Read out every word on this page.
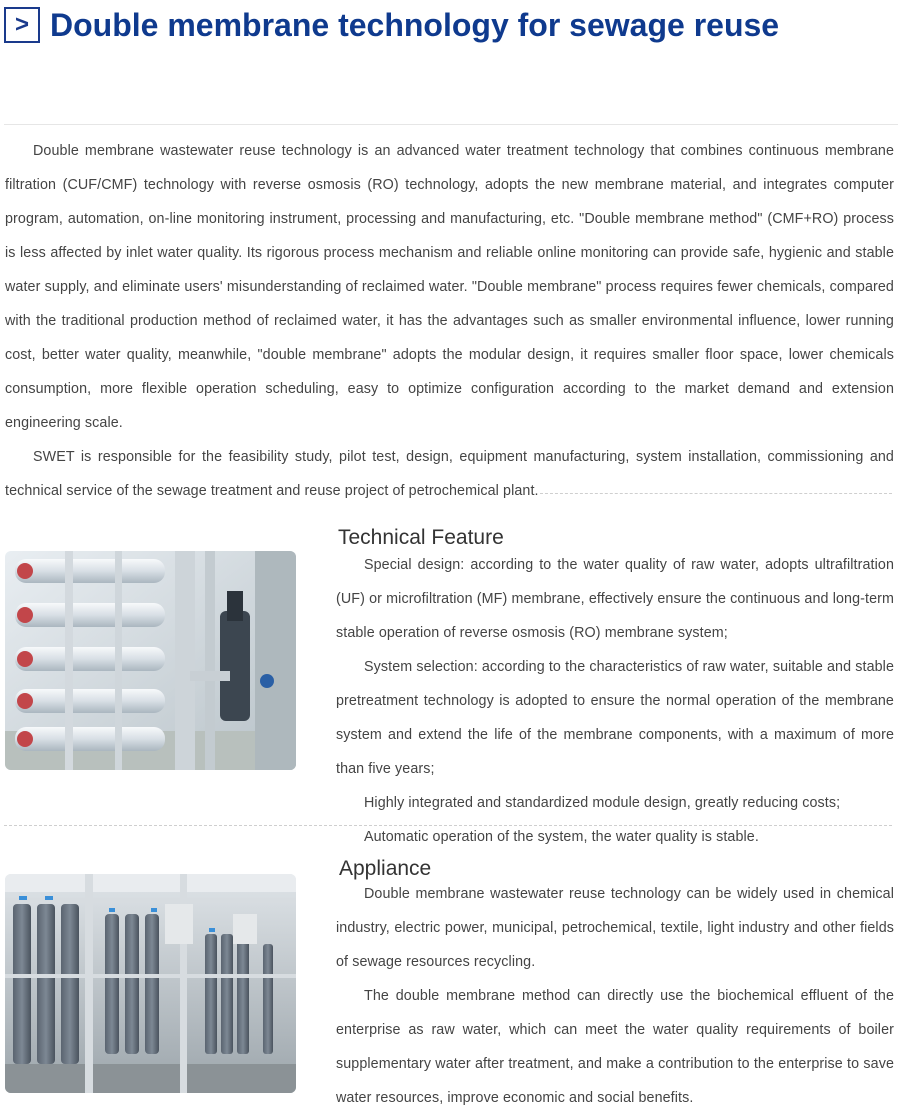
> Double membrane technology for sewage reuse

Double membrane wastewater reuse technology is an advanced water treatment technology that combines continuous membrane filtration (CUF/CMF) technology with reverse osmosis (RO) technology, adopts the new membrane material, and integrates computer program, automation, on-line monitoring instrument, processing and manufacturing, etc. "Double membrane method" (CMF+RO) process is less affected by inlet water quality. Its rigorous process mechanism and reliable online monitoring can provide safe, hygienic and stable water supply, and eliminate users' misunderstanding of reclaimed water. "Double membrane" process requires fewer chemicals, compared with the traditional production method of reclaimed water, it has the advantages such as smaller environmental influence, lower running cost, better water quality, meanwhile, "double membrane" adopts the modular design, it requires smaller floor space, lower chemicals consumption, more flexible operation scheduling, easy to optimize configuration according to the market demand and extension engineering scale.

SWET is responsible for the feasibility study, pilot test, design, equipment manufacturing, system installation, commissioning and technical service of the sewage treatment and reuse project of petrochemical plant.

Technical Feature

Special design: according to the water quality of raw water, adopts ultrafiltration (UF) or microfiltration (MF) membrane, effectively ensure the continuous and long-term stable operation of reverse osmosis (RO) membrane system;

System selection: according to the characteristics of raw water, suitable and stable pretreatment technology is adopted to ensure the normal operation of the membrane system and extend the life of the membrane components, with a maximum of more than five years;

Highly integrated and standardized module design, greatly reducing costs;

Automatic operation of the system, the water quality is stable.

Appliance

Double membrane wastewater reuse technology can be widely used in chemical industry, electric power, municipal, petrochemical, textile, light industry and other fields of sewage resources recycling.

The double membrane method can directly use the biochemical effluent of the enterprise as raw water, which can meet the water quality requirements of boiler supplementary water after treatment, and make a contribution to the enterprise to save water resources, improve economic and social benefits.
